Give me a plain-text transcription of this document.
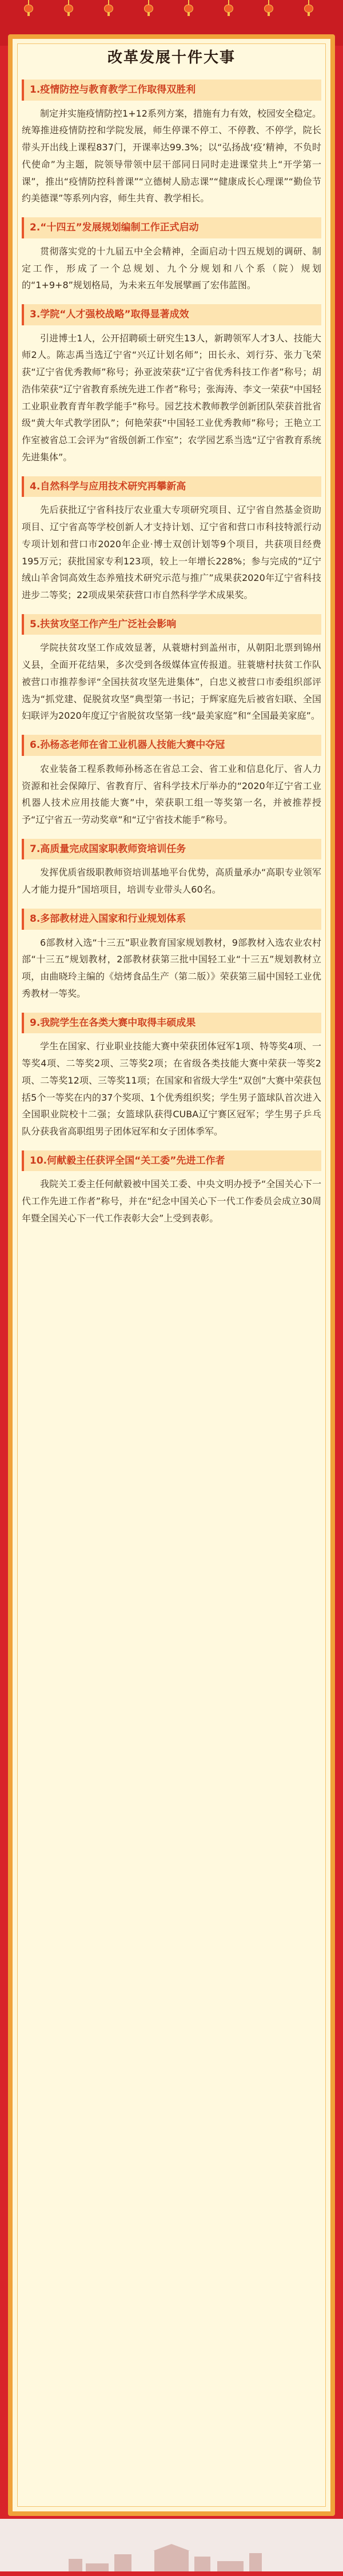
改革发展十件大事
1.疫情防控与教育教学工作取得双胜利

制定并实施疫情防控1+12系列方案，措施有力有效，校园安全稳定。统筹推进疫情防控和学院发展，师生停课不停工、不停教、不停学，院长带头开出线上课程837门，开课率达99.3%；以“弘扬战‘疫’精神，不负时代使命”为主题，院领导带领中层干部同日同时走进课堂共上“开学第一课”，推出“疫情防控科普课”“立德树人励志课”“健康成长心理课”“勤俭节约美德课”等系列内容，师生共育、教学相长。

2.“十四五”发展规划编制工作正式启动

贯彻落实党的十九届五中全会精神，全面启动十四五规划的调研、制定工作，形成了一个总规划、九个分规划和八个系（院）规划的“1+9+8”规划格局，为未来五年发展擘画了宏伟蓝图。

3.学院“人才强校战略”取得显著成效

引进博士1人，公开招聘硕士研究生13人，新聘领军人才3人、技能大师2人。陈志禹当选辽宁省“兴辽计划名师”；田长永、刘行芬、张力飞荣获“辽宁省优秀教师”称号；孙亚波荣获“辽宁省优秀科技工作者”称号；胡浩伟荣获“辽宁省教育系统先进工作者”称号；张海涛、李文一荣获“中国轻工业职业教育青年教学能手”称号。园艺技术教师教学创新团队荣获首批省级“黄大年式教学团队”；何艳荣获“中国轻工业优秀教师”称号；王艳立工作室被省总工会评为“省级创新工作室”；农学园艺系当选“辽宁省教育系统先进集体”。

4.自然科学与应用技术研究再攀新高

先后获批辽宁省科技厅农业重大专项研究项目、辽宁省自然基金资助项目、辽宁省高等学校创新人才支持计划、辽宁省和营口市科技特派行动专项计划和营口市2020年企业·博士双创计划等9个项目，共获项目经费195万元；获批国家专利123项，较上一年增长228%；参与完成的“辽宁绒山羊舍饲高效生态养殖技术研究示范与推广”成果获2020年辽宁省科技进步二等奖；22项成果荣获营口市自然科学学术成果奖。

5.扶贫攻坚工作产生广泛社会影响

学院扶贫攻坚工作成效显著，从蓑塘村到盖州市，从朝阳北票到锦州义县，全面开花结果，多次受到各级媒体宣传报道。驻蓑塘村扶贫工作队被营口市推荐参评“全国扶贫攻坚先进集体”，白忠义被营口市委组织部评选为“抓党建、促脱贫攻坚”典型第一书记；于辉家庭先后被省妇联、全国妇联评为2020年度辽宁省脱贫攻坚第一线“最美家庭”和“全国最美家庭”。

6.孙杨忞老师在省工业机器人技能大赛中夺冠

农业装备工程系教师孙杨忞在省总工会、省工业和信息化厅、省人力资源和社会保障厅、省教育厅、省科学技术厅举办的“2020年辽宁省工业机器人技术应用技能大赛”中，荣获职工组一等奖第一名，并被推荐授予“辽宁省五一劳动奖章”和“辽宁省技术能手”称号。

7.高质量完成国家职教师资培训任务

发挥优质省级职教师资培训基地平台优势，高质量承办“高职专业领军人才能力提升”国培项目，培训专业带头人60名。

8.多部教材进入国家和行业规划体系

6部教材入选“十三五”职业教育国家规划教材，9部教材入选农业农村部“十三五”规划教材，2部教材获第三批中国轻工业“十三五”规划教材立项，由曲晓玲主编的《焙烤食品生产（第二版）》荣获第三届中国轻工业优秀教材一等奖。

9.我院学生在各类大赛中取得丰硕成果

学生在国家、行业职业技能大赛中荣获团体冠军1项、特等奖4项、一等奖4项、二等奖2项、三等奖2项；在省级各类技能大赛中荣获一等奖2项、二等奖12项、三等奖11项；在国家和省级大学生“双创”大赛中荣获包括5个一等奖在内的37个奖项、1个优秀组织奖；学生男子篮球队首次进入全国职业院校十二强；女篮球队获得CUBA辽宁赛区冠军；学生男子乒乓队分获我省高职组男子团体冠军和女子团体季军。

10.何献毅主任获评全国“关工委”先进工作者

我院关工委主任何献毅被中国关工委、中央文明办授予“全国关心下一代工作先进工作者”称号，并在“纪念中国关心下一代工作委员会成立30周年暨全国关心下一代工作表彰大会”上受到表彰。
